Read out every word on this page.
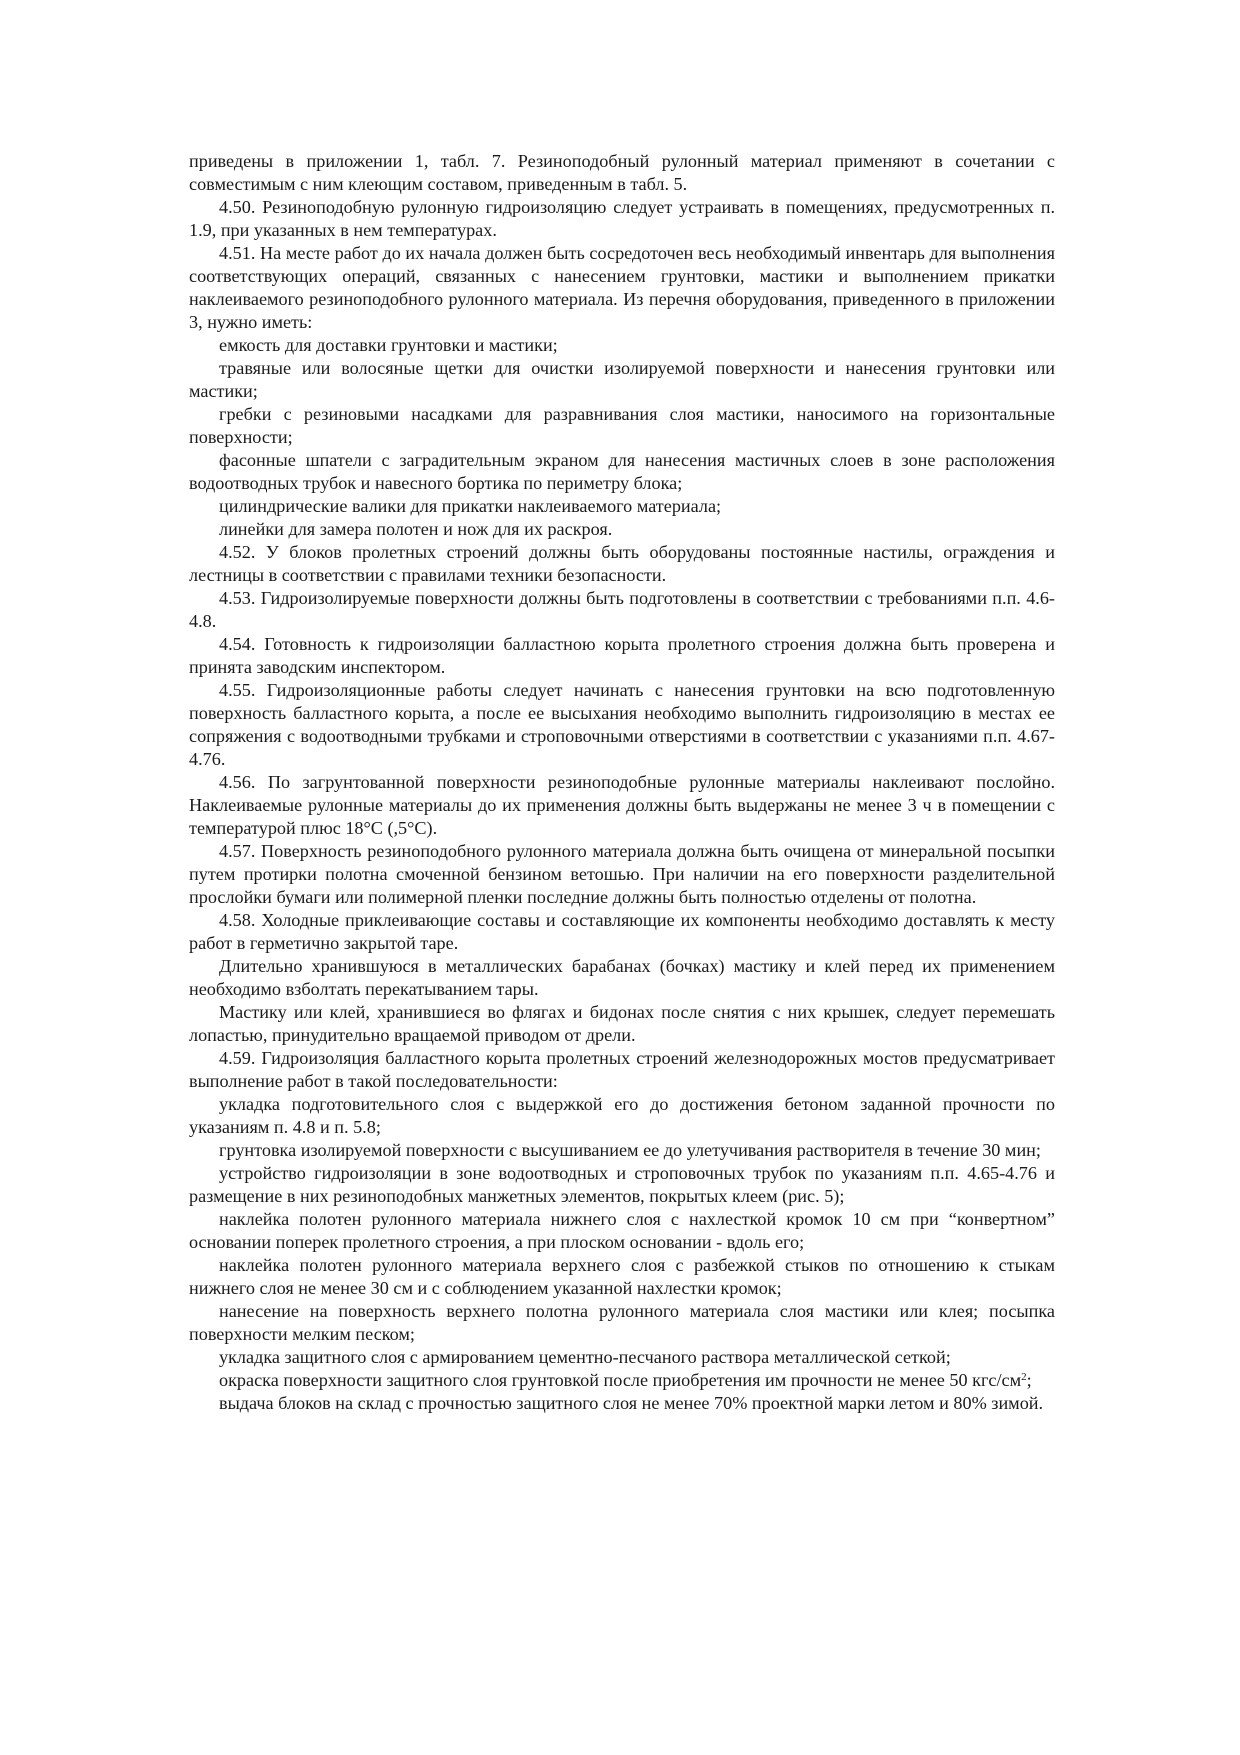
приведены в приложении 1, табл. 7. Резиноподобный рулонный материал применяют в сочетании с совместимым с ним клеющим составом, приведенным в табл. 5.

4.50. Резиноподобную рулонную гидроизоляцию следует устраивать в помещениях, предусмотренных п. 1.9, при указанных в нем температурах.

4.51. На месте работ до их начала должен быть сосредоточен весь необходимый инвентарь для выполнения соответствующих операций, связанных с нанесением грунтовки, мастики и выполнением прикатки наклеиваемого резиноподобного рулонного материала. Из перечня оборудования, приведенного в приложении 3, нужно иметь:

емкость для доставки грунтовки и мастики;

травяные или волосяные щетки для очистки изолируемой поверхности и нанесения грунтовки или мастики;

гребки с резиновыми насадками для разравнивания слоя мастики, наносимого на горизонтальные поверхности;

фасонные шпатели с заградительным экраном для нанесения мастичных слоев в зоне расположения водоотводных трубок и навесного бортика по периметру блока;

цилиндрические валики для прикатки наклеиваемого материала;

линейки для замера полотен и нож для их раскроя.

4.52. У блоков пролетных строений должны быть оборудованы постоянные настилы, ограждения и лестницы в соответствии с правилами техники безопасности.

4.53. Гидроизолируемые поверхности должны быть подготовлены в соответствии с требованиями п.п. 4.6-4.8.

4.54. Готовность к гидроизоляции балластною корыта пролетного строения должна быть проверена и принята заводским инспектором.

4.55. Гидроизоляционные работы следует начинать с нанесения грунтовки на всю подготовленную поверхность балластного корыта, а после ее высыхания необходимо выполнить гидроизоляцию в местах ее сопряжения с водоотводными трубками и строповочными отверстиями в соответствии с указаниями п.п. 4.67-4.76.

4.56. По загрунтованной поверхности резиноподобные рулонные материалы наклеивают послойно. Наклеиваемые рулонные материалы до их применения должны быть выдержаны не менее 3 ч в помещении с температурой плюс 18°С (,5°С).

4.57. Поверхность резиноподобного рулонного материала должна быть очищена от минеральной посыпки путем протирки полотна смоченной бензином ветошью. При наличии на его поверхности разделительной прослойки бумаги или полимерной пленки последние должны быть полностью отделены от полотна.

4.58. Холодные приклеивающие составы и составляющие их компоненты необходимо доставлять к месту работ в герметично закрытой таре.

Длительно хранившуюся в металлических барабанах (бочках) мастику и клей перед их применением необходимо взболтать перекатыванием тары.

Мастику или клей, хранившиеся во флягах и бидонах после снятия с них крышек, следует перемешать лопастью, принудительно вращаемой приводом от дрели.

4.59. Гидроизоляция балластного корыта пролетных строений железнодорожных мостов предусматривает выполнение работ в такой последовательности:

укладка подготовительного слоя с выдержкой его до достижения бетоном заданной прочности по указаниям п. 4.8 и п. 5.8;

грунтовка изолируемой поверхности с высушиванием ее до улетучивания растворителя в течение 30 мин;

устройство гидроизоляции в зоне водоотводных и строповочных трубок по указаниям п.п. 4.65-4.76 и размещение в них резиноподобных манжетных элементов, покрытых клеем (рис. 5);

наклейка полотен рулонного материала нижнего слоя с нахлесткой кромок 10 см при “конвертном” основании поперек пролетного строения, а при плоском основании - вдоль его;

наклейка полотен рулонного материала верхнего слоя с разбежкой стыков по отношению к стыкам нижнего слоя не менее 30 см и с соблюдением указанной нахлестки кромок;

нанесение на поверхность верхнего полотна рулонного материала слоя мастики или клея; посыпка поверхности мелким песком;

укладка защитного слоя с армированием цементно-песчаного раствора металлической сеткой;

окраска поверхности защитного слоя грунтовкой после приобретения им прочности не менее 50 кгс/$см^2$;

выдача блоков на склад с прочностью защитного слоя не менее 70% проектной марки летом и 80% зимой.
